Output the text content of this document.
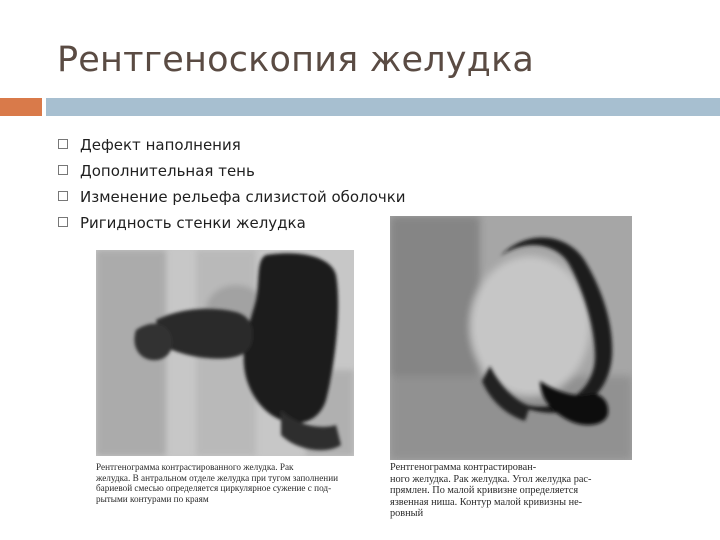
Рентгеноскопия желудка
Дефект наполнения
Дополнительная тень
Изменение рельефа слизистой оболочки
Ригидность стенки желудка
Рентгенограмма контрастированного желудка. Рак
желудка. В антральном отделе желудка при тугом заполнении
бариевой смесью определяется циркулярное сужение с под-
рытыми контурами по краям
Рентгенограмма контрастирован-
ного желудка. Рак желудка. Угол желудка рас-
прямлен. По малой кривизне определяется
язвенная ниша. Контур малой кривизны не-
ровный
